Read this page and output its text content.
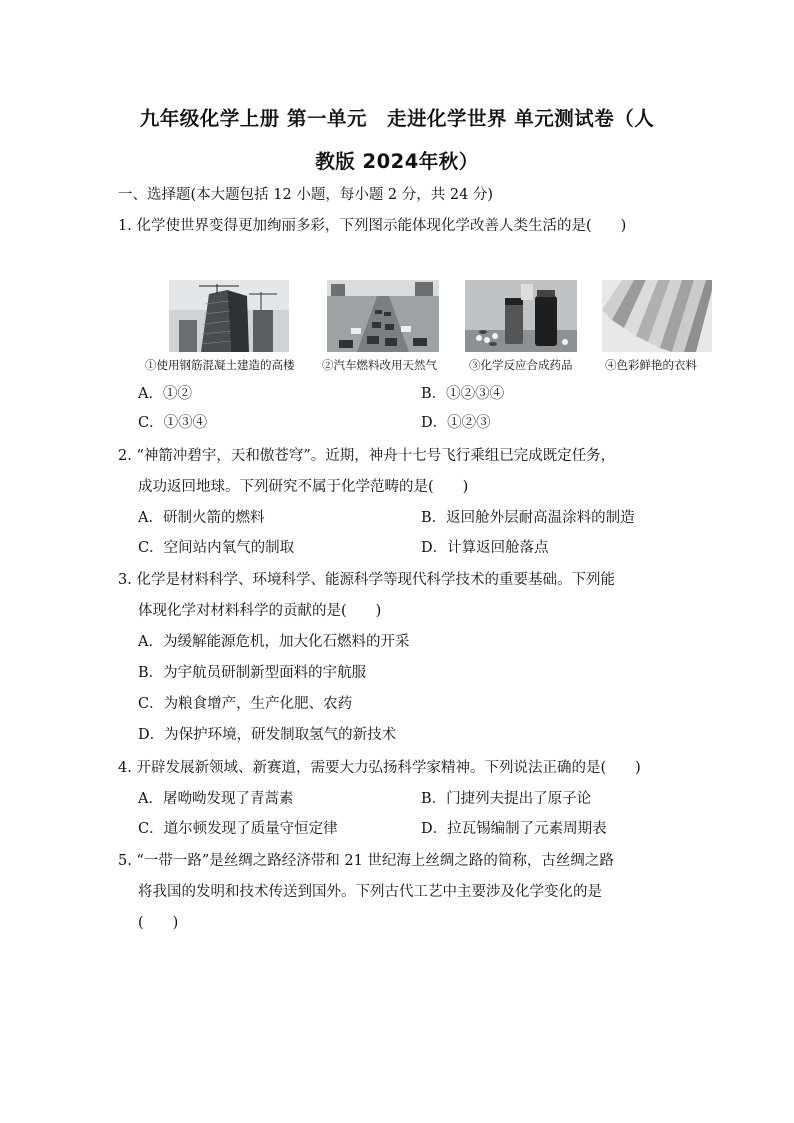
九年级化学上册 第一单元　走进化学世界 单元测试卷（人
教版 2024年秋）
一、选择题(本大题包括 12 小题，每小题 2 分，共 24 分)
1. 化学使世界变得更加绚丽多彩，下列图示能体现化学改善人类生活的是(　　)
①使用钢筋混凝土建造的高楼 ②汽车燃料改用天然气	③化学反应合成药品	④色彩鲜艳的衣料
A．①②	B．①②③④
C．①③④	D．①②③
2. “神箭冲碧宇，天和傲苍穹”。近期，神舟十七号飞行乘组已完成既定任务，
成功返回地球。下列研究不属于化学范畴的是(　　)
A．研制火箭的燃料	B．返回舱外层耐高温涂料的制造
C．空间站内氧气的制取	D．计算返回舱落点
3. 化学是材料科学、环境科学、能源科学等现代科学技术的重要基础。下列能
体现化学对材料科学的贡献的是(　　)
A．为缓解能源危机，加大化石燃料的开采
B．为宇航员研制新型面料的宇航服
C．为粮食增产，生产化肥、农药
D．为保护环境，研发制取氢气的新技术
4. 开辟发展新领域、新赛道，需要大力弘扬科学家精神。下列说法正确的是(　　)
A．屠呦呦发现了青蒿素	B．门捷列夫提出了原子论
C．道尔顿发现了质量守恒定律	D．拉瓦锡编制了元素周期表
5. “一带一路”是丝绸之路经济带和 21 世纪海上丝绸之路的简称，古丝绸之路
将我国的发明和技术传送到国外。下列古代工艺中主要涉及化学变化的是
(　　)
